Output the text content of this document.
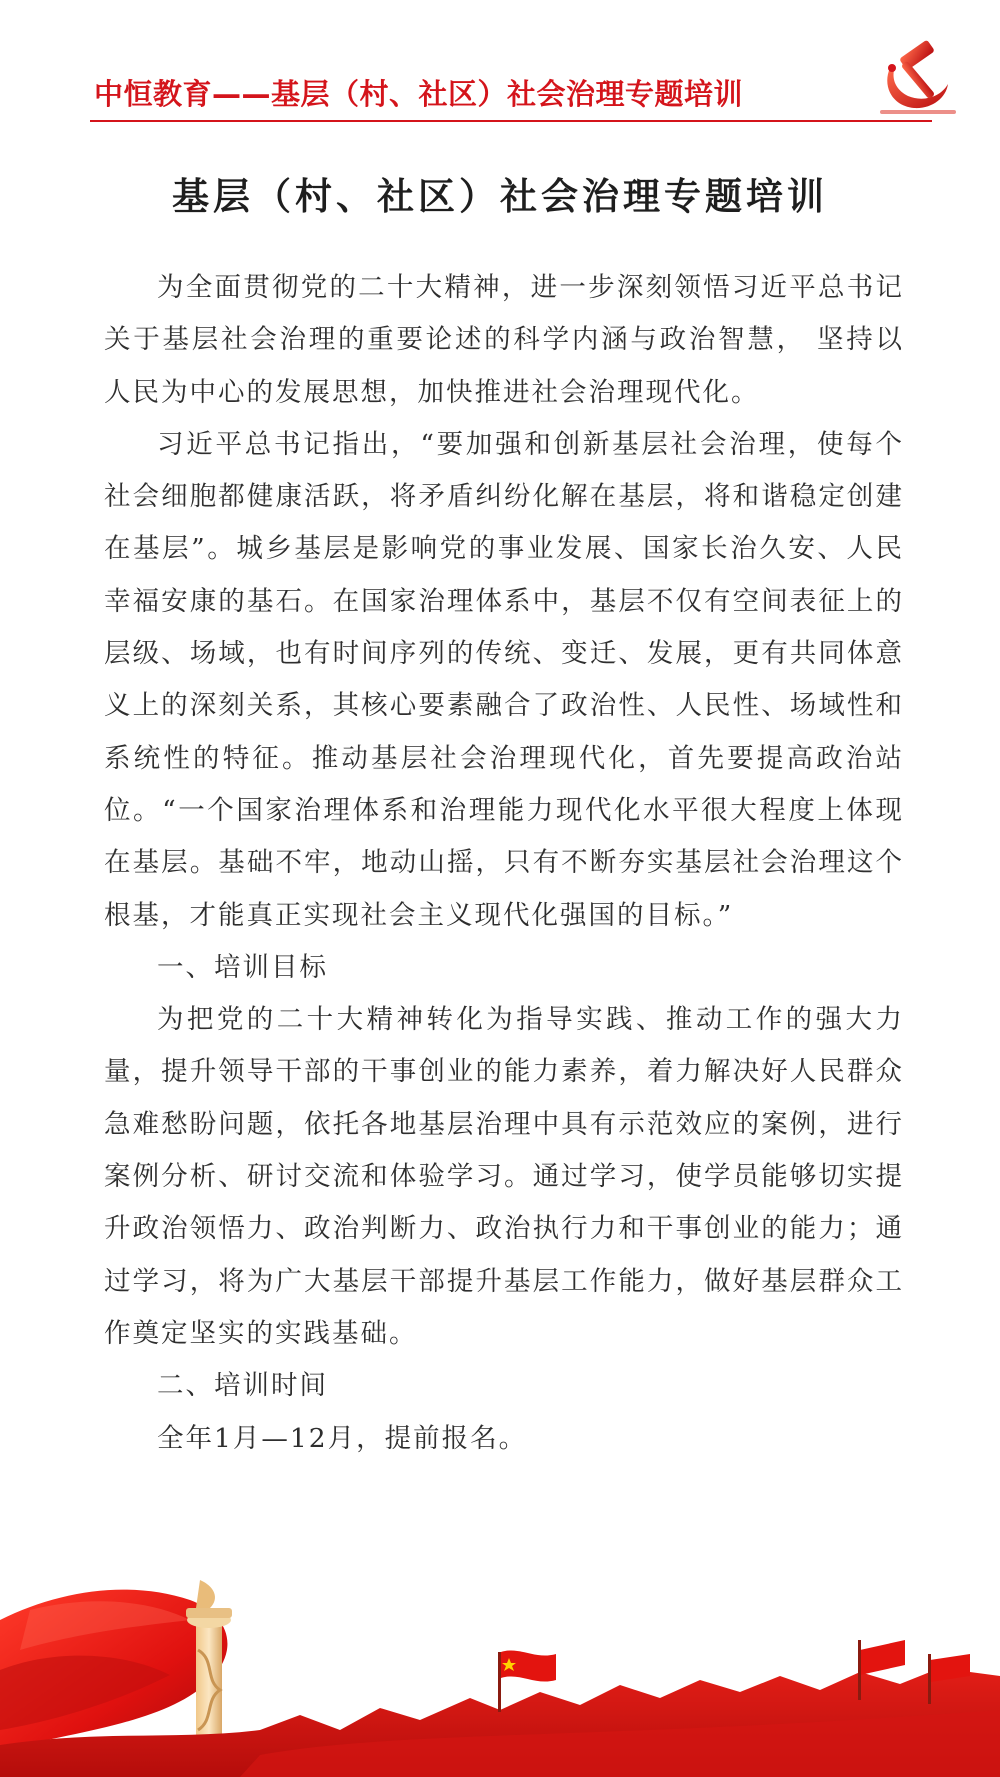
中恒教育——基层（村、社区）社会治理专题培训
基层（村、社区）社会治理专题培训

为全面贯彻党的二十大精神，进一步深刻领悟习近平总书记关于基层社会治理的重要论述的科学内涵与政治智慧， 坚持以人民为中心的发展思想，加快推进社会治理现代化。

习近平总书记指出，“要加强和创新基层社会治理，使每个社会细胞都健康活跃，将矛盾纠纷化解在基层，将和谐稳定创建在基层”。城乡基层是影响党的事业发展、国家长治久安、人民幸福安康的基石。在国家治理体系中，基层不仅有空间表征上的层级、场域，也有时间序列的传统、变迁、发展，更有共同体意义上的深刻关系，其核心要素融合了政治性、人民性、场域性和系统性的特征。推动基层社会治理现代化，首先要提高政治站位。“一个国家治理体系和治理能力现代化水平很大程度上体现在基层。基础不牢，地动山摇，只有不断夯实基层社会治理这个根基，才能真正实现社会主义现代化强国的目标。”

一、培训目标

为把党的二十大精神转化为指导实践、推动工作的强大力量，提升领导干部的干事创业的能力素养，着力解决好人民群众急难愁盼问题，依托各地基层治理中具有示范效应的案例，进行案例分析、研讨交流和体验学习。通过学习，使学员能够切实提升政治领悟力、政治判断力、政治执行力和干事创业的能力；通过学习，将为广大基层干部提升基层工作能力，做好基层群众工作奠定坚实的实践基础。

二、培训时间

全年1月—12月，提前报名。
